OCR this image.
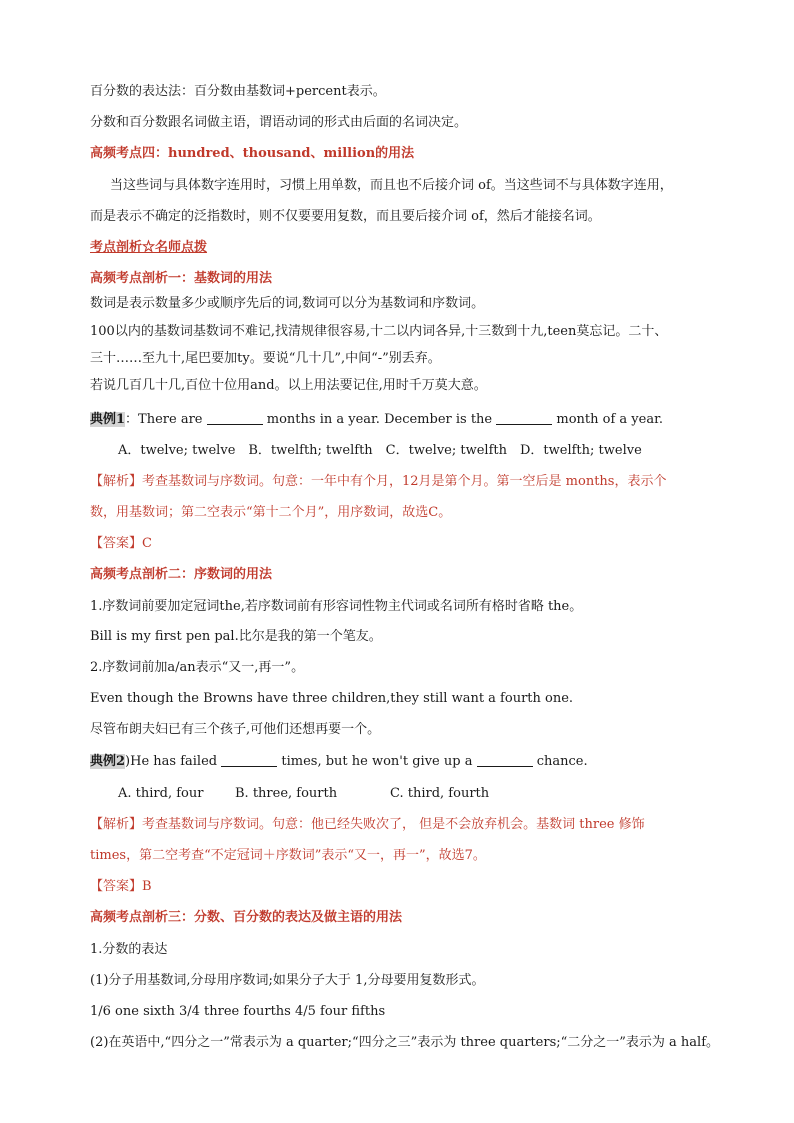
百分数的表达法：百分数由基数词+percent表示。
分数和百分数跟名词做主语，谓语动词的形式由后面的名词决定。
高频考点四：hundred、thousand、million的用法
当这些词与具体数字连用时，习惯上用单数，而且也不后接介词 of。当这些词不与具体数字连用，
而是表示不确定的泛指数时，则不仅要要用复数，而且要后接介词 of，然后才能接名词。
考点剖析☆名师点拨
高频考点剖析一：基数词的用法
数词是表示数量多少或顺序先后的词,数词可以分为基数词和序数词。
100以内的基数词基数词不难记,找清规律很容易,十二以内词各异,十三数到十九,teen莫忘记。二十、
三十……至九十,尾巴要加ty。要说“几十几”,中间“-”别丢弃。
若说几百几十几,百位十位用and。以上用法要记住,用时千万莫大意。
典例1：There are	months in a year. December is the	month of a year.
A．twelve; twelve　B．twelfth; twelfth　C．twelve; twelfth　D．twelfth; twelve
【解析】考查基数词与序数词。句意：一年中有个月，12月是第个月。第一空后是 months，表示个
数，用基数词；第二空表示“第十二个月”，用序数词，故选C。
【答案】C
高频考点剖析二：序数词的用法
1.序数词前要加定冠词the,若序数词前有形容词性物主代词或名词所有格时省略 the。
Bill is my first pen pal.比尔是我的第一个笔友。
2.序数词前加a/an表示“又一,再一”。
Even though the Browns have three children,they still want a fourth one.
尽管布朗夫妇已有三个孩子,可他们还想再要一个。
典例2)He has failed	times, but he won't give up a	chance.
A. third, four B. three, fourth	C. third, fourth
【解析】考查基数词与序数词。句意：他已经失败次了， 但是不会放弃机会。基数词 three 修饰
times，第二空考查“不定冠词＋序数词”表示“又一，再一”，故选7。
【答案】B
高频考点剖析三：分数、百分数的表达及做主语的用法
1.分数的表达
(1)分子用基数词,分母用序数词;如果分子大于 1,分母要用复数形式。
1/6 one sixth 3/4 three fourths 4/5 four fifths
(2)在英语中,“四分之一”常表示为 a quarter;“四分之三”表示为 three quarters;“二分之一”表示为 a half。
